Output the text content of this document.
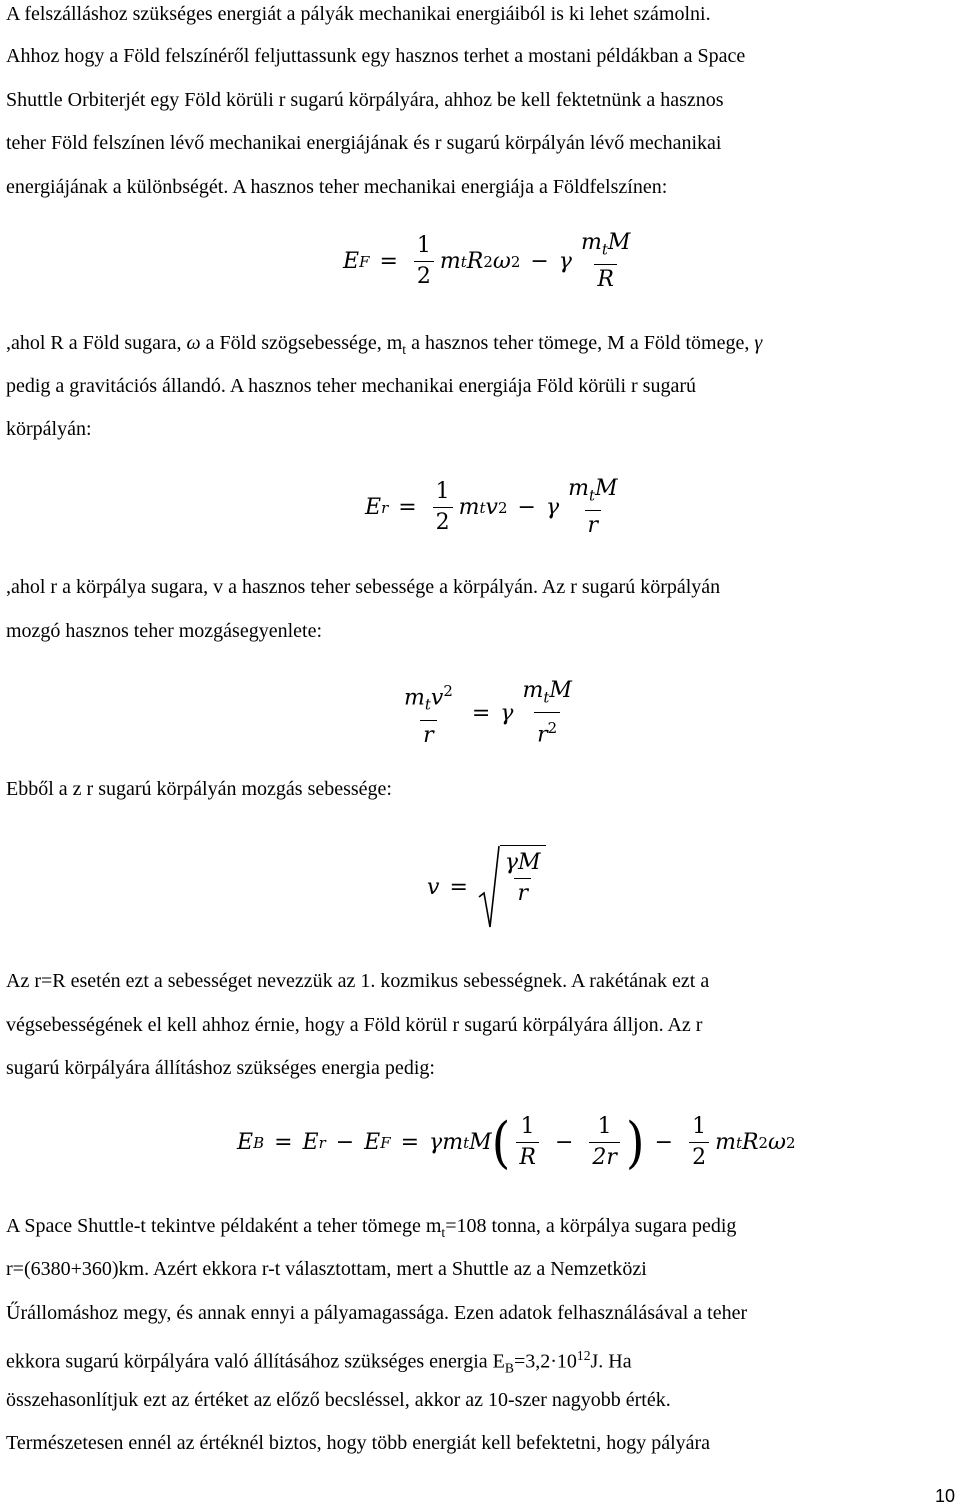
A felszálláshoz szükséges energiát a pályák mechanikai energiáiból is ki lehet számolni.
Ahhoz hogy a Föld felszínéről feljuttassunk egy hasznos terhet a mostani példákban a Space
Shuttle Orbiterjét egy Föld körüli r sugarú körpályára, ahhoz be kell fektetnünk a hasznos
teher Föld felszínen lévő mechanikai energiájának és r sugarú körpályán lévő mechanikai
energiájának a különbségét. A hasznos teher mechanikai energiája a Földfelszínen:
E $F = \frac{1}{2}$ m t R 2 ω 2 − γ $\frac{m_tM}{R}$
,ahol R a Föld sugara, ω a Föld szögsebessége, $m_t$ a hasznos teher tömege, M a Föld tömege, γ
pedig a gravitációs állandó. A hasznos teher mechanikai energiája Föld körüli r sugarú
körpályán:
E $r = \frac{1}{2}$ m t v 2 − γ $\frac{m_tM}{r}$
,ahol r a körpálya sugara, v a hasznos teher sebessége a körpályán. Az r sugarú körpályán
mozgó hasznos teher mozgásegyenlete:
$\frac{m_tv^2}{r} = \gamma \frac{m_tM}{r^2}$
Ebből a z r sugarú körpályán mozgás sebessége:
$v = \frac{\gamma M}{r}$
Az r=R esetén ezt a sebességet nevezzük az 1. kozmikus sebességnek. A rakétának ezt a
végsebességének el kell ahhoz érnie, hogy a Föld körül r sugarú körpályára álljon. Az r
sugarú körpályára állításhoz szükséges energia pedig:
E B = E r − E F = γ m t M ( $\frac{1}{R} - \frac{1}{2r}$ ) − $\frac{1}{2}$ m t R 2 ω 2
A Space Shuttle-t tekintve példaként a teher tömege $m_t=108$ tonna, a körpálya sugara pedig
r=(6380+360)km. Azért ekkora r-t választottam, mert a Shuttle az a Nemzetközi
Űrállomáshoz megy, és annak ennyi a pályamagassága. Ezen adatok felhasználásával a teher
ekkora sugarú körpályára való állításához szükséges energia $E_B=3,2\cdot 10^{12}J$. Ha
összehasonlítjuk ezt az értéket az előző becsléssel, akkor az 10-szer nagyobb érték.
Természetesen ennél az értéknél biztos, hogy több energiát kell befektetni, hogy pályára
10
